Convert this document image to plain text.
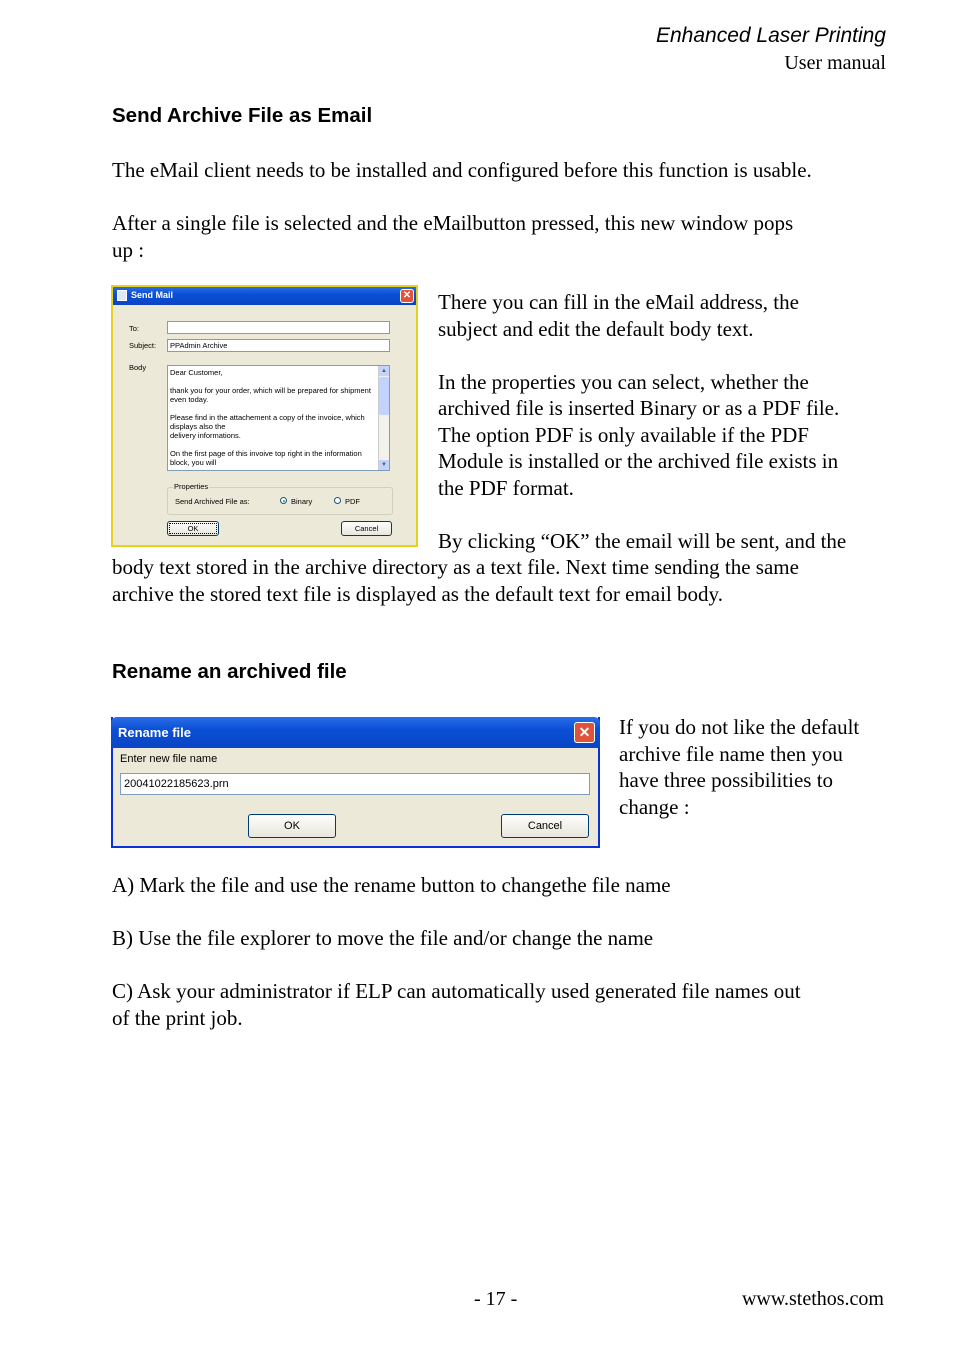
Enhanced Laser Printing
User manual
Send Archive File as Email
The eMail client needs to be installed and configured before this function is usable.
After a single file is selected and the eMailbutton pressed, this new window pops
up :
Send Mail	✕
To:
Subject: PPAdmin Archive
Body
Dear Customer,

thank you for your order, which will be prepared for shipment
even today.

Please find in the attachement a copy of the invoice, which
displays also the
delivery informations.

On the first page of this invoive top right in the information
block, you will
▲
▼
Properties
Send Archived File as:	Binary	PDF
OK	Cancel
There you can fill in the eMail address, the
subject and edit the default body text.

In the properties you can select, whether the
archived file is inserted Binary or as a PDF file.
The option PDF is only available if the PDF
Module is installed or the archived file exists in
the PDF format.

By clicking “OK” the email will be sent, and the
body text stored in the archive directory as a text file. Next time sending the same
archive the stored text file is displayed as the default text for email body.
Rename an archived file
Rename file	✕
Enter new file name
20041022185623.prn
OK	Cancel
If you do not like the default
archive file name then you
have three possibilities to
change :
A) Mark the file and use the rename button to changethe file name
B) Use the file explorer to move the file and/or change the name
C) Ask your administrator if ELP can automatically used generated file names out
of the print job.
- 17 -	www.stethos.com
